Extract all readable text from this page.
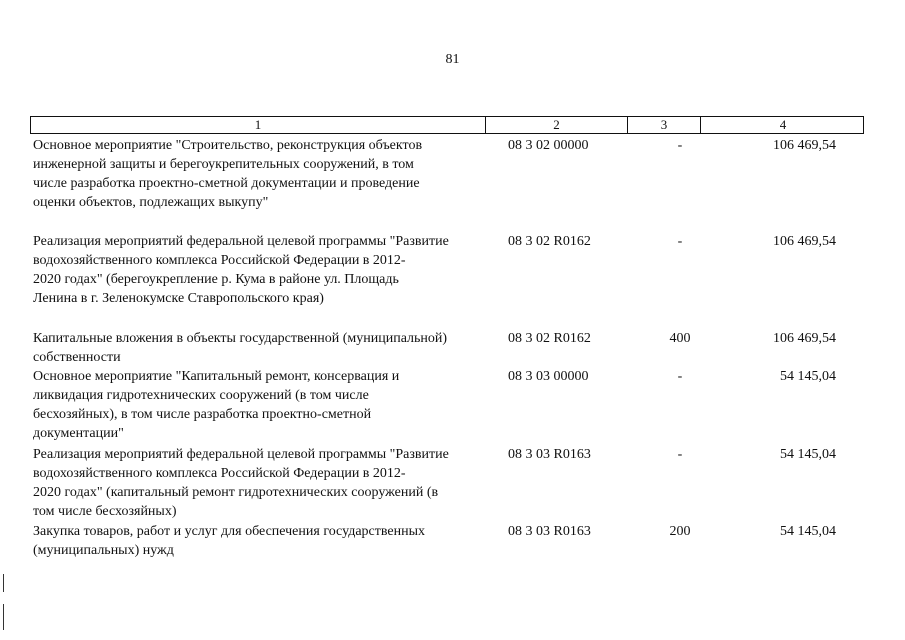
81
1	2	3	4
Основное мероприятие "Строительство, реконструкция объектов
инженерной защиты и берегоукрепительных сооружений, в том
числе разработка проектно-сметной документации и проведение
оценки объектов, подлежащих выкупу"
08 3 02 00000	-	106 469,54
Реализация мероприятий федеральной целевой программы "Развитие
водохозяйственного комплекса Российской Федерации в 2012-
2020 годах" (берегоукрепление р. Кума в районе ул. Площадь
Ленина в г. Зеленокумске Ставропольского края)
08 3 02 R0162	-	106 469,54
Капитальные вложения в объекты государственной (муниципальной)
собственности
08 3 02 R0162	400	106 469,54
Основное мероприятие "Капитальный ремонт, консервация и
ликвидация гидротехнических сооружений (в том числе
бесхозяйных), в том числе разработка проектно-сметной
документации"
08 3 03 00000	-	54 145,04
Реализация мероприятий федеральной целевой программы "Развитие
водохозяйственного комплекса Российской Федерации в 2012-
2020 годах" (капитальный ремонт гидротехнических сооружений (в
том числе бесхозяйных)
08 3 03 R0163	-	54 145,04
Закупка товаров, работ и услуг для обеспечения государственных
(муниципальных) нужд
08 3 03 R0163	200	54 145,04
